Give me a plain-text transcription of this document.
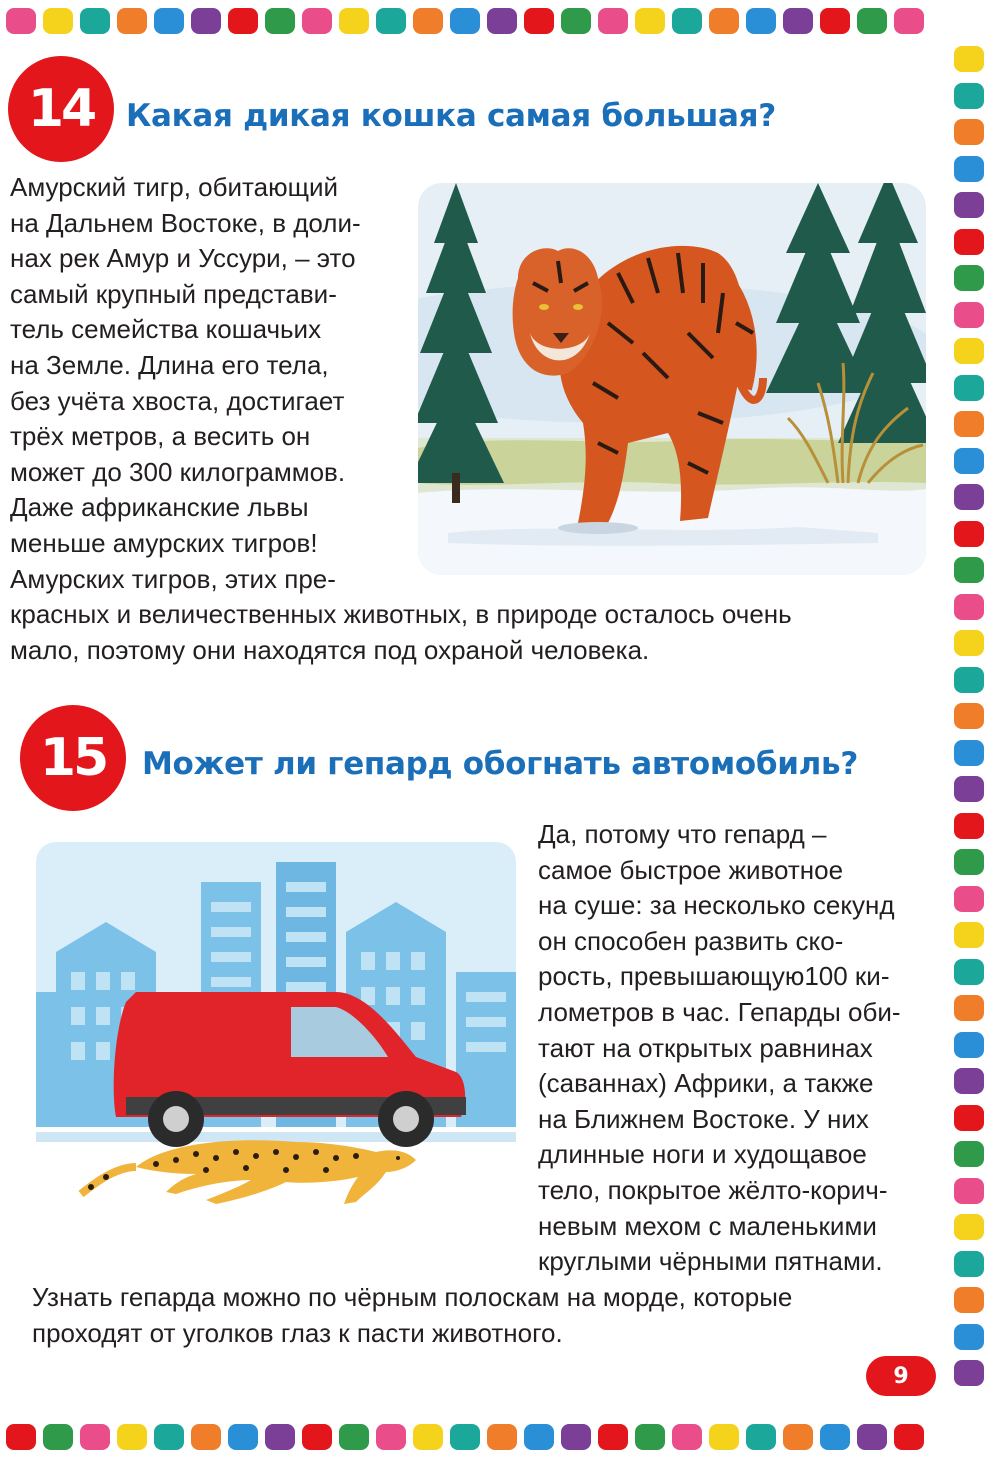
14	Какая дикая кошка самая большая?
Амурский тигр, обитающий
на Дальнем Востоке, в доли-
нах рек Амур и Уссури, – это
самый крупный представи-
тель семейства кошачьих
на Земле. Длина его тела,
без учёта хвоста, достигает
трёх метров, а весить он
может до 300 килограммов.
Даже африканские львы
меньше амурских тигров!
Амурских тигров, этих пре-
красных и величественных животных, в природе осталось очень
мало, поэтому они находятся под охраной человека.
15	Может ли гепард обогнать автомобиль?
Да, потому что гепард –
самое быстрое животное
на суше: за несколько секунд
он способен развить ско-
рость, превышающую100 ки-
лометров в час. Гепарды оби-
тают на открытых равнинах
(саваннах) Африки, а также
на Ближнем Востоке. У них
длинные ноги и худощавое
тело, покрытое жёлто-корич-
невым мехом с маленькими
круглыми чёрными пятнами.
Узнать гепарда можно по чёрным полоскам на морде, которые
проходят от уголков глаз к пасти животного.
9
